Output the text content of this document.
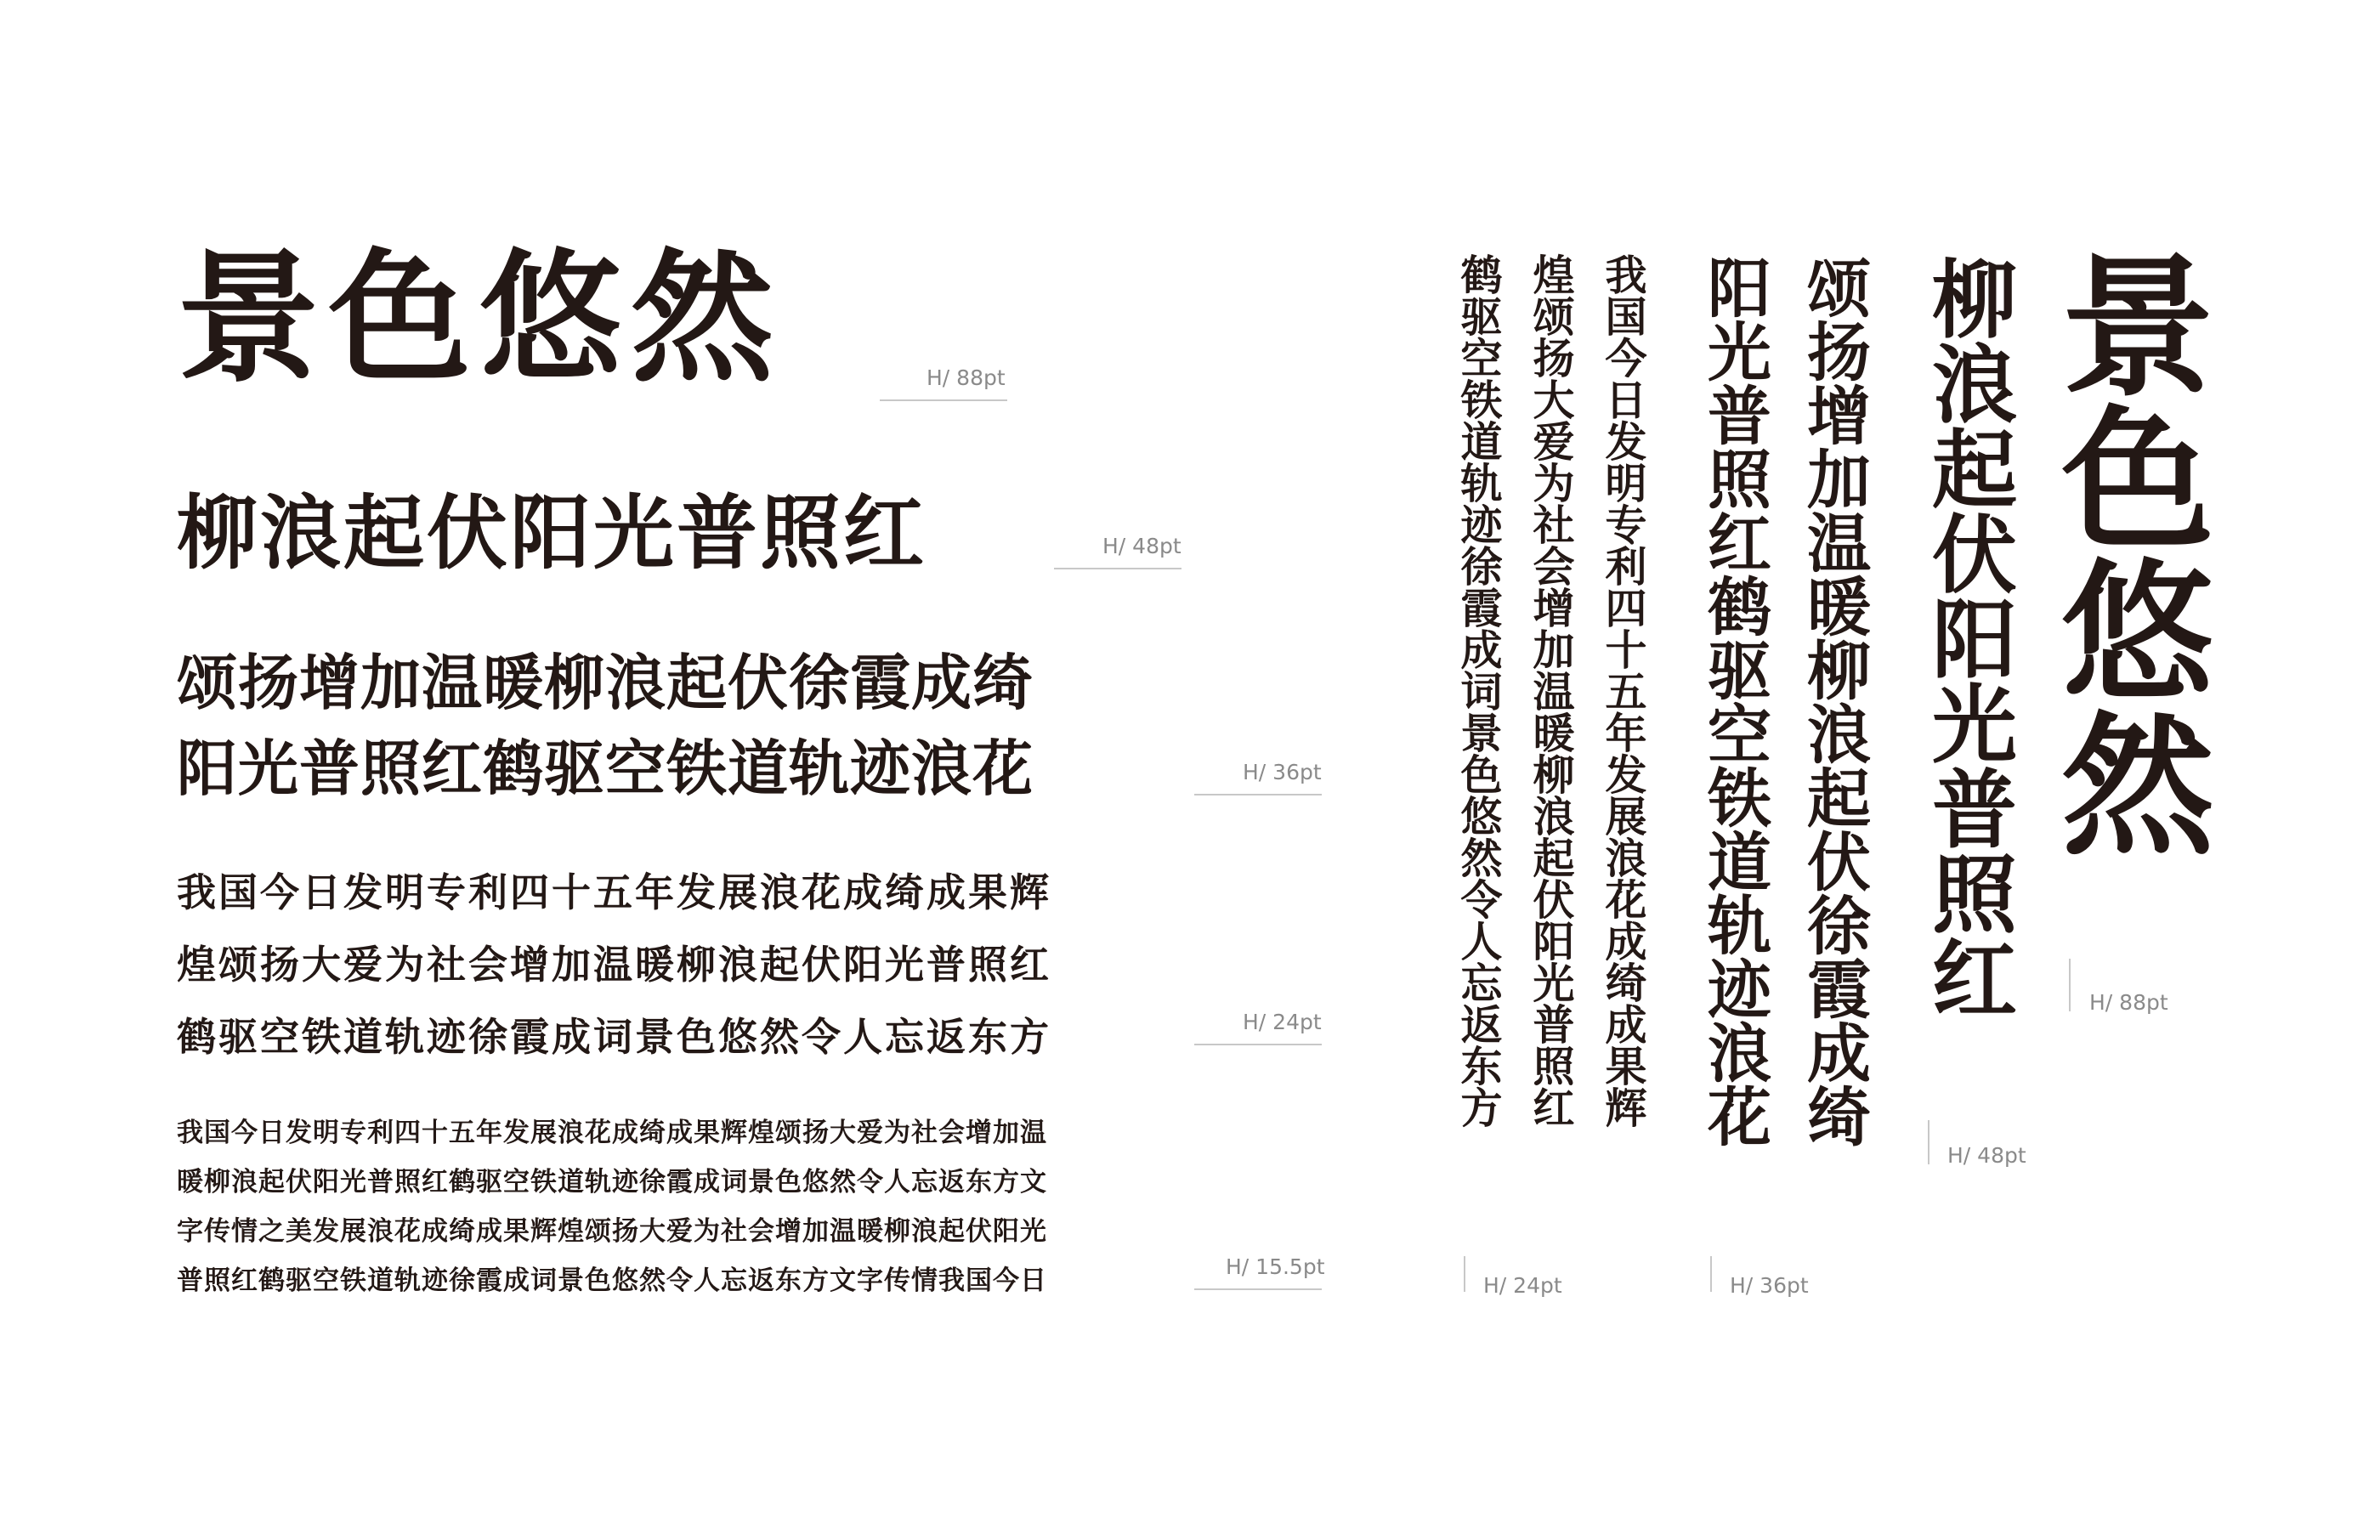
景色悠然	H/ 88pt

柳浪起伏阳光普照红	H/ 48pt

颂扬增加温暖柳浪起伏徐霞成绮

阳光普照红鹤驱空铁道轨迹浪花	H/ 36pt

我国今日发明专利四十五年发展浪花成绮成果辉

煌颂扬大爱为社会增加温暖柳浪起伏阳光普照红

鹤驱空铁道轨迹徐霞成词景色悠然令人忘返东方	H/ 24pt

我国今日发明专利四十五年发展浪花成绮成果辉煌颂扬大爱为社会增加温

暖柳浪起伏阳光普照红鹤驱空铁道轨迹徐霞成词景色悠然令人忘返东方文

字传情之美发展浪花成绮成果辉煌颂扬大爱为社会增加温暖柳浪起伏阳光

普照红鹤驱空铁道轨迹徐霞成词景色悠然令人忘返东方文字传情我国今日	H/ 15.5pt
景色悠然
H/ 88pt
柳浪起伏阳光普照红
H/ 48pt
颂扬增加温暖柳浪起伏徐霞成绮
阳光普照红鹤驱空铁道轨迹浪花
H/ 36pt
我国今日发明专利四十五年发展浪花成绮成果辉
煌颂扬大爱为社会增加温暖柳浪起伏阳光普照红
鹤驱空铁道轨迹徐霞成词景色悠然令人忘返东方
H/ 24pt
